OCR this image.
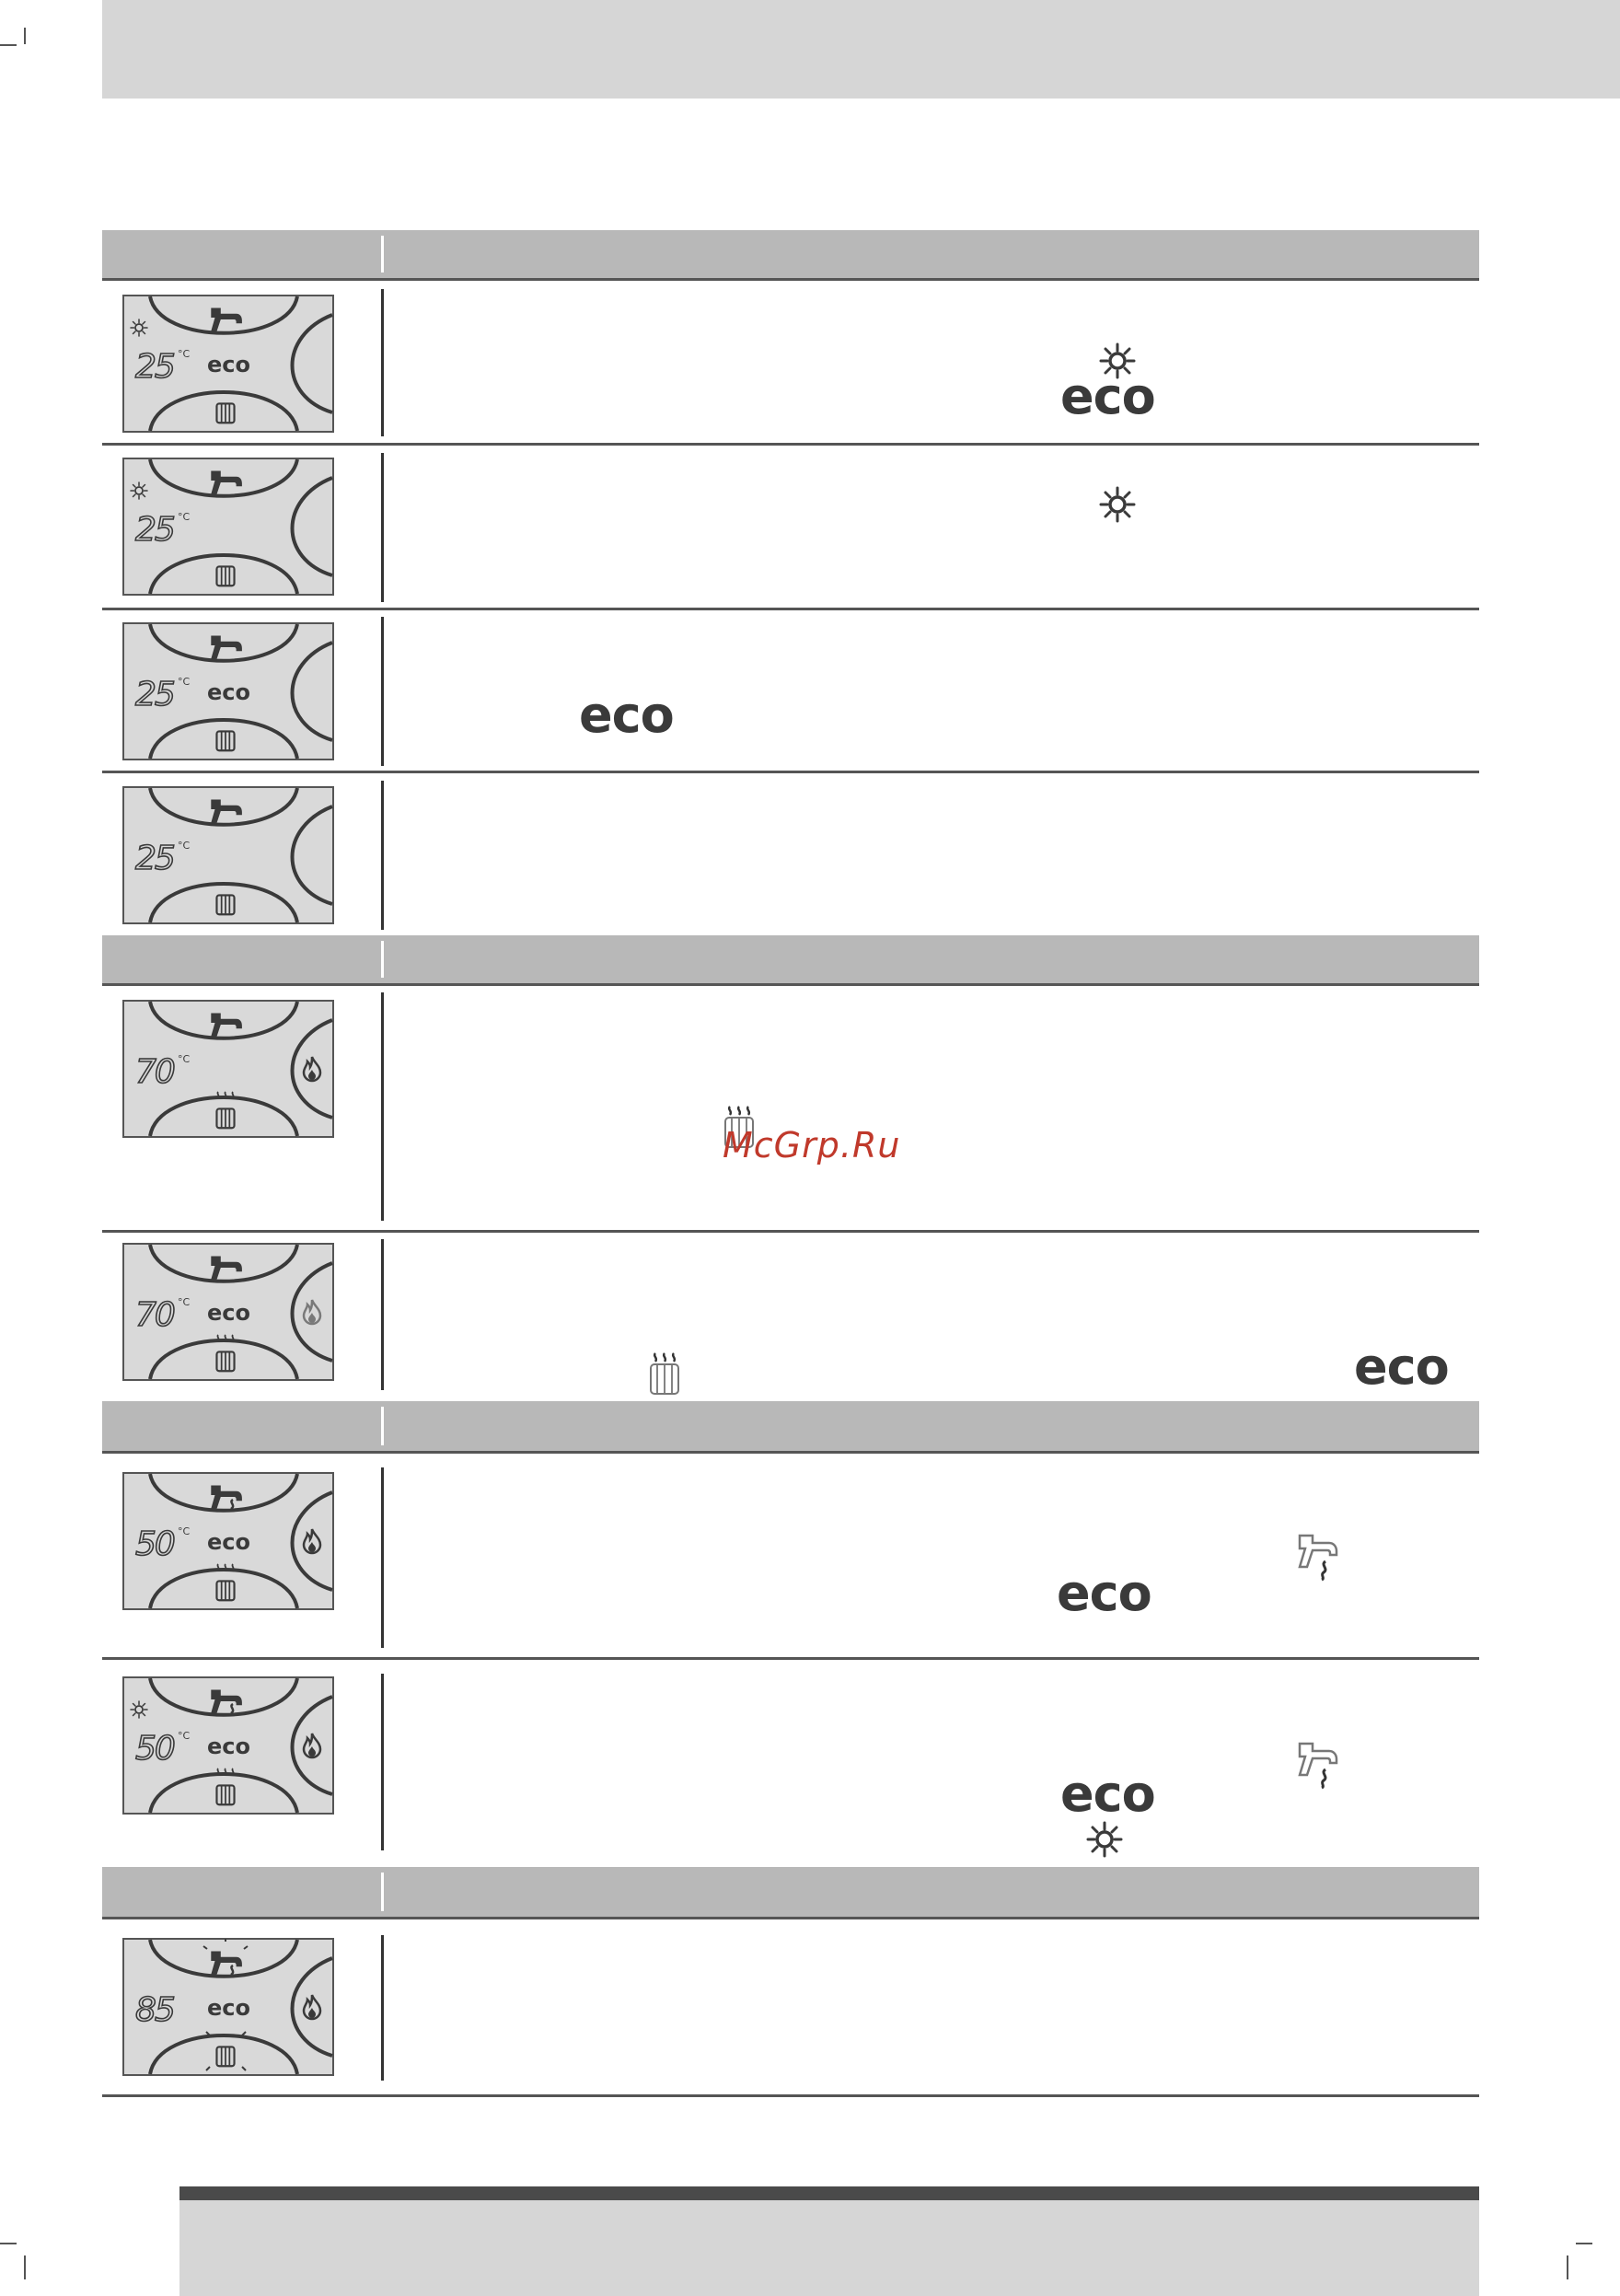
25 °C eco
25 °C
25 °C eco
25 °C
70 °C
70 °C eco
50 °C eco
50 °C eco
85 eco
eco
eco
McGrp.Ru
eco
eco
eco
